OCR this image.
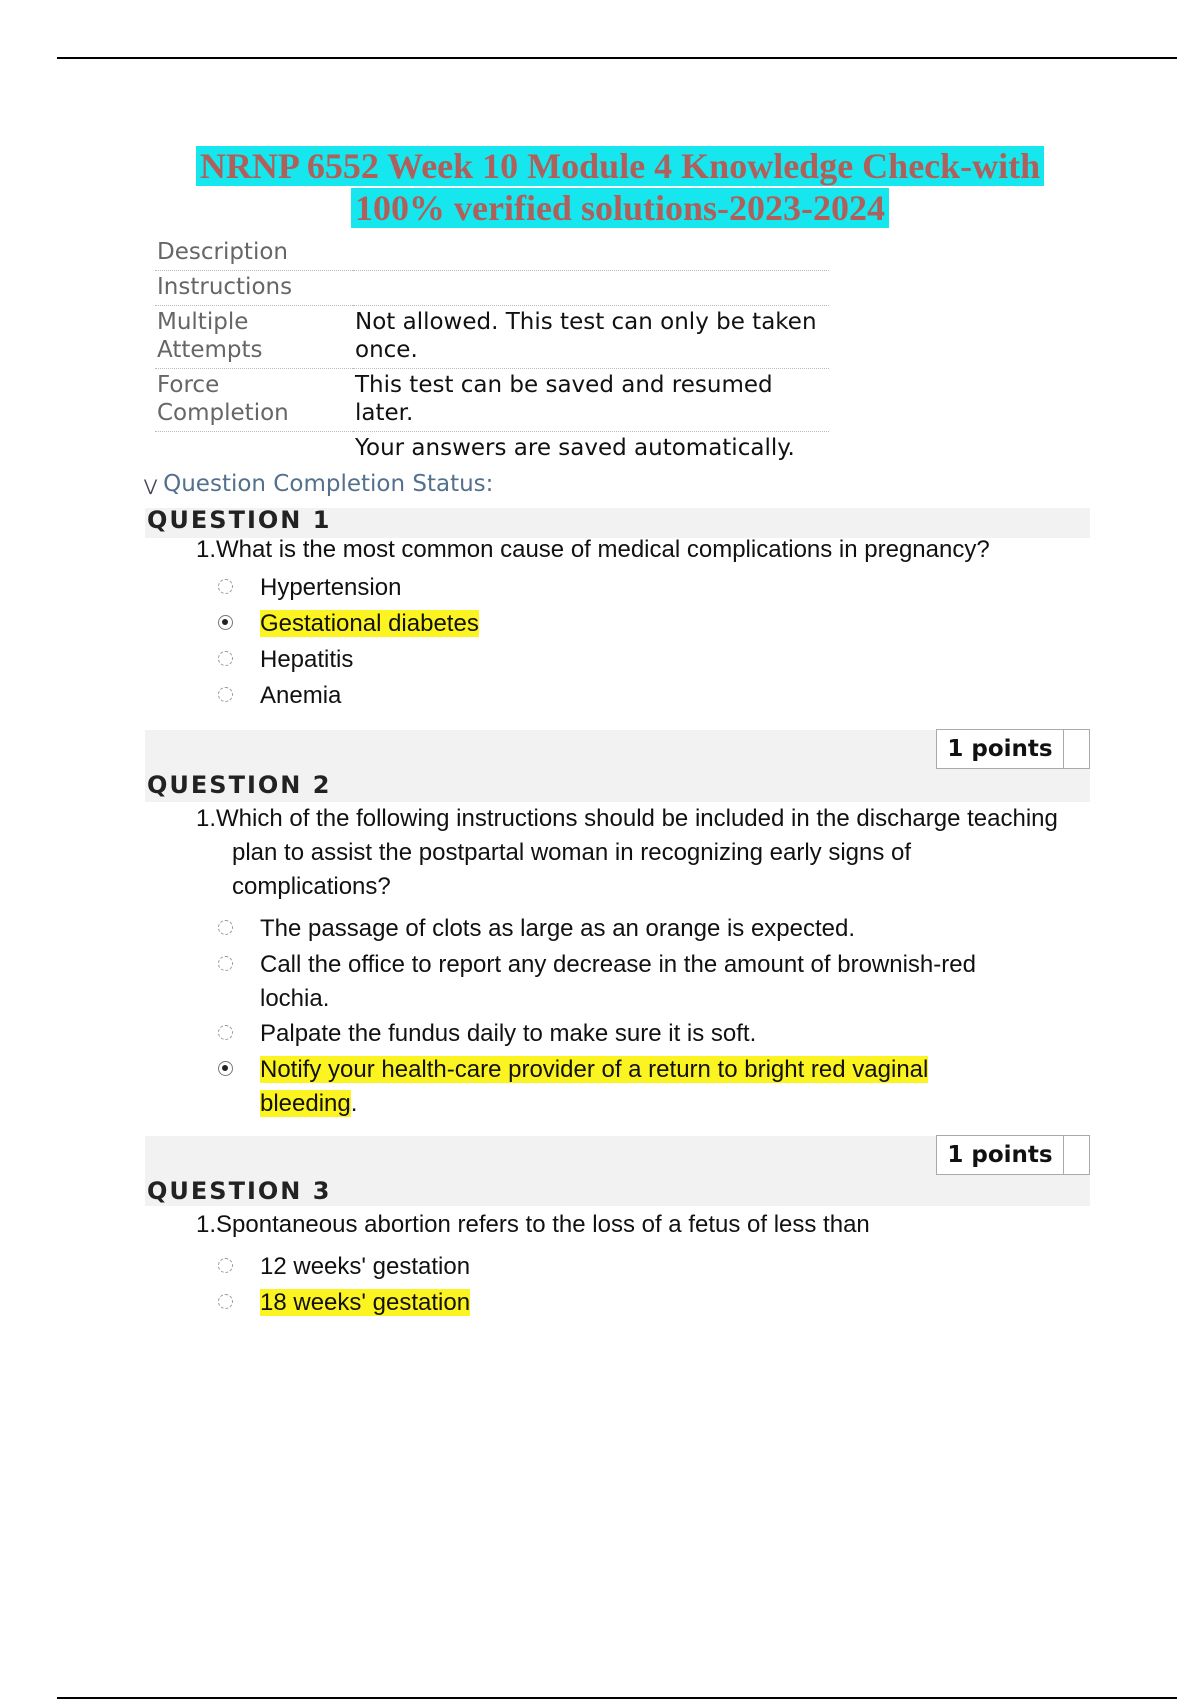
NRNP 6552 Week 10 Module 4 Knowledge Check-with
100% verified solutions-2023-2024
Description	
Instructions	
Multiple
Attempts	Not allowed. This test can only be taken once.
Force
Completion	This test can be saved and resumed later.
	Your answers are saved automatically.
⋁ Question Completion Status:
QUESTION 1
1.What is the most common cause of medical complications in pregnancy?
Hypertension
Gestational diabetes
Hepatitis
Anemia
1 points
QUESTION 2
1.Which of the following instructions should be included in the discharge teaching plan to assist the postpartal woman in recognizing early signs of complications?
The passage of clots as large as an orange is expected.
Call the office to report any decrease in the amount of brownish-red lochia.
Palpate the fundus daily to make sure it is soft.
Notify your health-care provider of a return to bright red vaginal bleeding.
1 points
QUESTION 3
1.Spontaneous abortion refers to the loss of a fetus of less than
12 weeks' gestation
18 weeks' gestation
